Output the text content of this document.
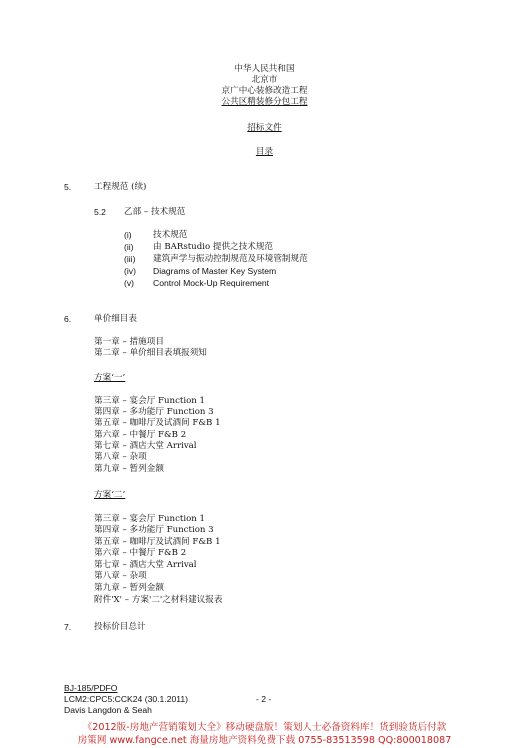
中华人民共和国
北京市
京广中心装修改造工程
公共区精装修分包工程
招标文件
目录
5.	工程规范 (续)
5.2 乙部 – 技术规范
(i) 技术规范
(ii) 由 BARstudio 提供之技术规范
(iii) 建筑声学与振动控制规范及环境管制规范
(iv) Diagrams of Master Key System
(v) Control Mock-Up Requirement
6.	单价细目表
第一章 – 措施项目
第二章 – 单价细目表填报须知
方案‘一’
第三章 – 宴会厅 Function 1
第四章 – 多功能厅 Function 3
第五章 – 咖啡厅及试酒间 F&B 1
第六章 – 中餐厅 F&B 2
第七章 – 酒店大堂 Arrival
第八章 – 杂项
第九章 – 暂列金额
方案‘二’
第三章 – 宴会厅 Function 1
第四章 – 多功能厅 Function 3
第五章 – 咖啡厅及试酒间 F&B 1
第六章 – 中餐厅 F&B 2
第七章 – 酒店大堂 Arrival
第八章 – 杂项
第九章 – 暂列金额
附件'X' – 方案'二'之材料建议报表
7.	投标价目总计
BJ-185/PDFO
LCM2:CPC5:CCK24 (30.1.2011)	- 2 -
Davis Langdon & Seah
《2012版-房地产营销策划大全》移动硬盘版！策划人士必备资料库！货到验货后付款
房策网 www.fangce.net 海量房地产资料免费下载 0755-83513598 QQ:800018087
